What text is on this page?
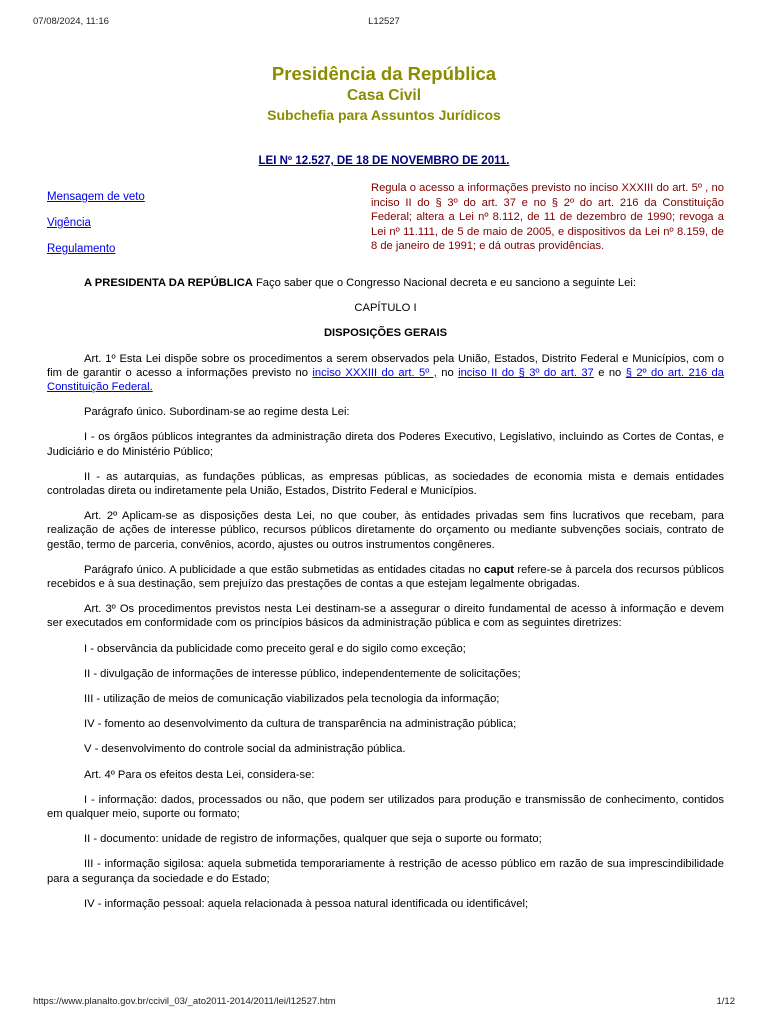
07/08/2024, 11:16	L12527
Presidência da República
Casa Civil
Subchefia para Assuntos Jurídicos
LEI Nº 12.527, DE 18 DE NOVEMBRO DE 2011.
Mensagem de veto
Vigência
Regulamento
Regula o acesso a informações previsto no inciso XXXIII do art. 5º , no inciso II do § 3º do art. 37 e no § 2º do art. 216 da Constituição Federal; altera a Lei nº 8.112, de 11 de dezembro de 1990; revoga a Lei nº 11.111, de 5 de maio de 2005, e dispositivos da Lei nº 8.159, de 8 de janeiro de 1991; e dá outras providências.

A PRESIDENTA DA REPÚBLICA Faço saber que o Congresso Nacional decreta e eu sanciono a seguinte Lei:

CAPÍTULO I

DISPOSIÇÕES GERAIS

Art. 1º Esta Lei dispõe sobre os procedimentos a serem observados pela União, Estados, Distrito Federal e Municípios, com o fim de garantir o acesso a informações previsto no inciso XXXIII do art. 5º , no inciso II do § 3º do art. 37 e no § 2º do art. 216 da Constituição Federal.

Parágrafo único. Subordinam-se ao regime desta Lei:

I - os órgãos públicos integrantes da administração direta dos Poderes Executivo, Legislativo, incluindo as Cortes de Contas, e Judiciário e do Ministério Público;

II - as autarquias, as fundações públicas, as empresas públicas, as sociedades de economia mista e demais entidades controladas direta ou indiretamente pela União, Estados, Distrito Federal e Municípios.

Art. 2º Aplicam-se as disposições desta Lei, no que couber, às entidades privadas sem fins lucrativos que recebam, para realização de ações de interesse público, recursos públicos diretamente do orçamento ou mediante subvenções sociais, contrato de gestão, termo de parceria, convênios, acordo, ajustes ou outros instrumentos congêneres.

Parágrafo único. A publicidade a que estão submetidas as entidades citadas no caput refere-se à parcela dos recursos públicos recebidos e à sua destinação, sem prejuízo das prestações de contas a que estejam legalmente obrigadas.

Art. 3º Os procedimentos previstos nesta Lei destinam-se a assegurar o direito fundamental de acesso à informação e devem ser executados em conformidade com os princípios básicos da administração pública e com as seguintes diretrizes:

I - observância da publicidade como preceito geral e do sigilo como exceção;

II - divulgação de informações de interesse público, independentemente de solicitações;

III - utilização de meios de comunicação viabilizados pela tecnologia da informação;

IV - fomento ao desenvolvimento da cultura de transparência na administração pública;

V - desenvolvimento do controle social da administração pública.

Art. 4º Para os efeitos desta Lei, considera-se:

I - informação: dados, processados ou não, que podem ser utilizados para produção e transmissão de conhecimento, contidos em qualquer meio, suporte ou formato;

II - documento: unidade de registro de informações, qualquer que seja o suporte ou formato;

III - informação sigilosa: aquela submetida temporariamente à restrição de acesso público em razão de sua imprescindibilidade para a segurança da sociedade e do Estado;

IV - informação pessoal: aquela relacionada à pessoa natural identificada ou identificável;

https://www.planalto.gov.br/ccivil_03/_ato2011-2014/2011/lei/l12527.htm	1/12
